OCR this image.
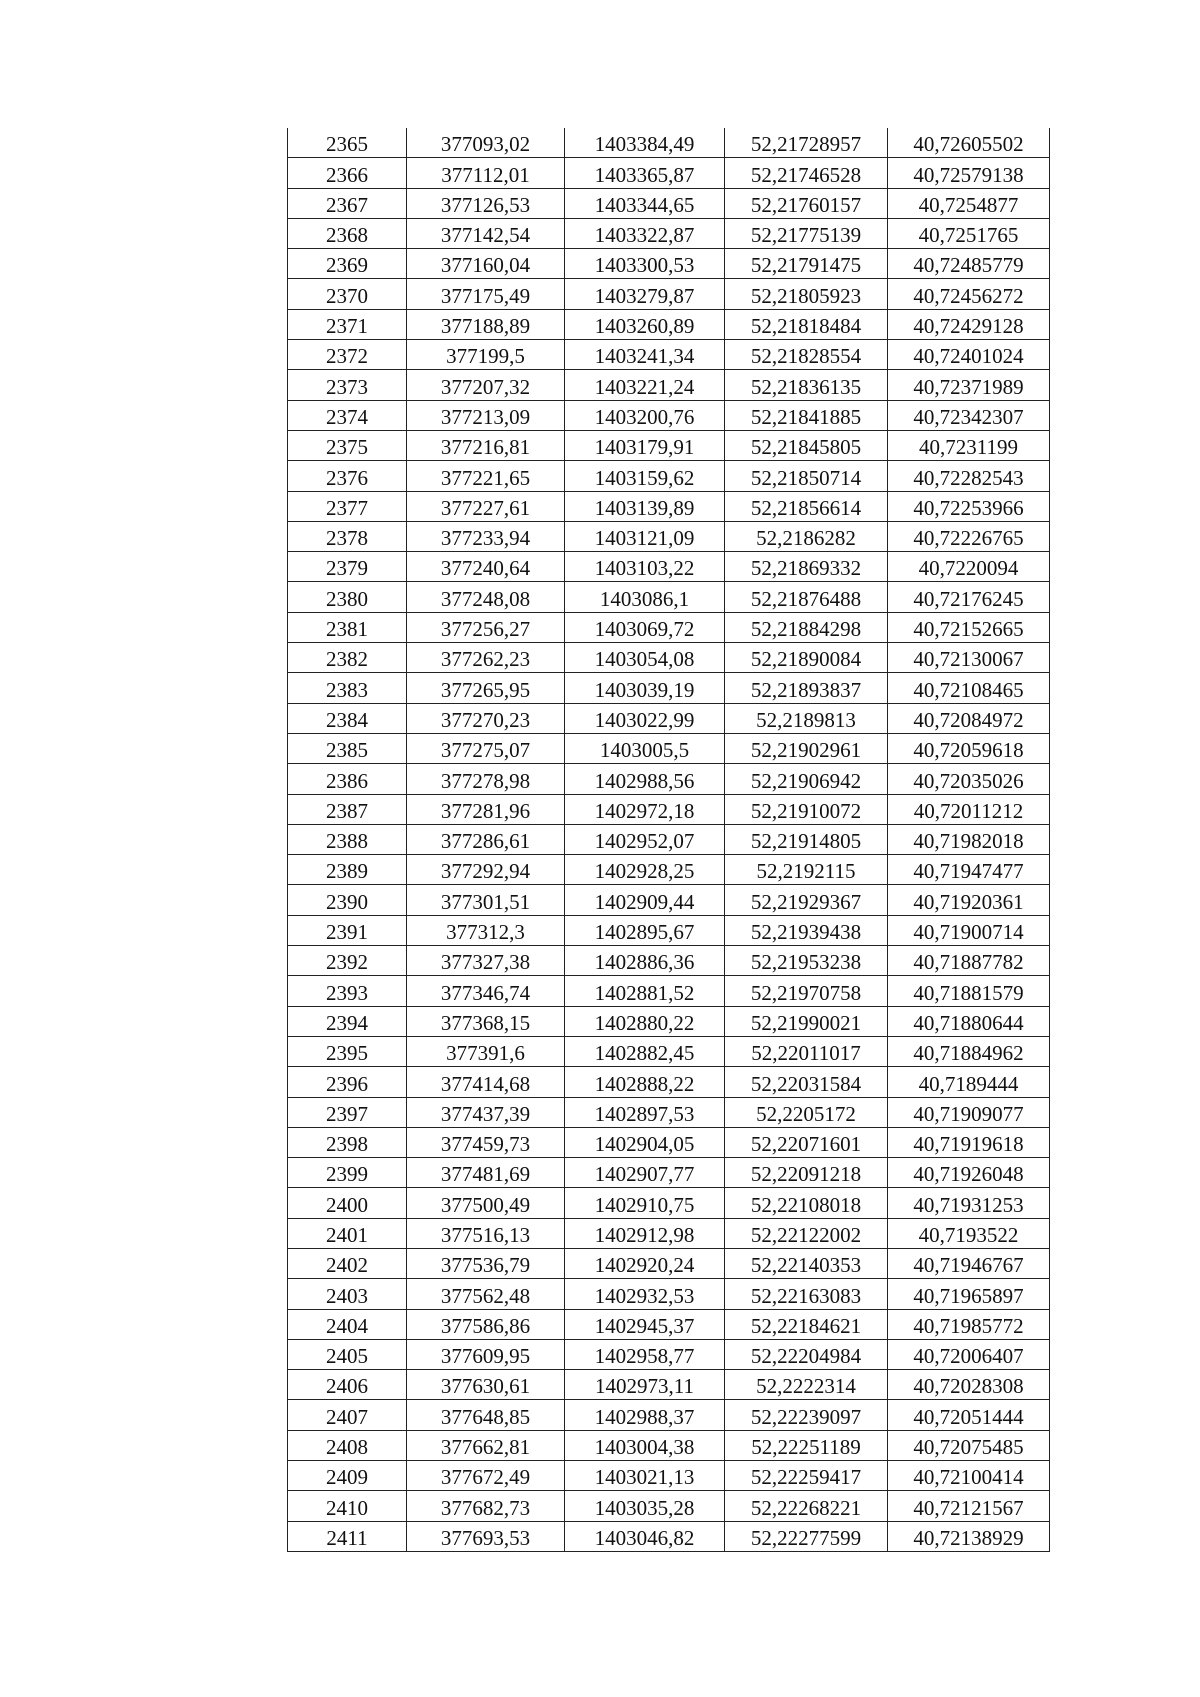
2365	377093,02	1403384,49	52,21728957	40,72605502
2366	377112,01	1403365,87	52,21746528	40,72579138
2367	377126,53	1403344,65	52,21760157	40,7254877
2368	377142,54	1403322,87	52,21775139	40,7251765
2369	377160,04	1403300,53	52,21791475	40,72485779
2370	377175,49	1403279,87	52,21805923	40,72456272
2371	377188,89	1403260,89	52,21818484	40,72429128
2372	377199,5	1403241,34	52,21828554	40,72401024
2373	377207,32	1403221,24	52,21836135	40,72371989
2374	377213,09	1403200,76	52,21841885	40,72342307
2375	377216,81	1403179,91	52,21845805	40,7231199
2376	377221,65	1403159,62	52,21850714	40,72282543
2377	377227,61	1403139,89	52,21856614	40,72253966
2378	377233,94	1403121,09	52,2186282	40,72226765
2379	377240,64	1403103,22	52,21869332	40,7220094
2380	377248,08	1403086,1	52,21876488	40,72176245
2381	377256,27	1403069,72	52,21884298	40,72152665
2382	377262,23	1403054,08	52,21890084	40,72130067
2383	377265,95	1403039,19	52,21893837	40,72108465
2384	377270,23	1403022,99	52,2189813	40,72084972
2385	377275,07	1403005,5	52,21902961	40,72059618
2386	377278,98	1402988,56	52,21906942	40,72035026
2387	377281,96	1402972,18	52,21910072	40,72011212
2388	377286,61	1402952,07	52,21914805	40,71982018
2389	377292,94	1402928,25	52,2192115	40,71947477
2390	377301,51	1402909,44	52,21929367	40,71920361
2391	377312,3	1402895,67	52,21939438	40,71900714
2392	377327,38	1402886,36	52,21953238	40,71887782
2393	377346,74	1402881,52	52,21970758	40,71881579
2394	377368,15	1402880,22	52,21990021	40,71880644
2395	377391,6	1402882,45	52,22011017	40,71884962
2396	377414,68	1402888,22	52,22031584	40,7189444
2397	377437,39	1402897,53	52,2205172	40,71909077
2398	377459,73	1402904,05	52,22071601	40,71919618
2399	377481,69	1402907,77	52,22091218	40,71926048
2400	377500,49	1402910,75	52,22108018	40,71931253
2401	377516,13	1402912,98	52,22122002	40,7193522
2402	377536,79	1402920,24	52,22140353	40,71946767
2403	377562,48	1402932,53	52,22163083	40,71965897
2404	377586,86	1402945,37	52,22184621	40,71985772
2405	377609,95	1402958,77	52,22204984	40,72006407
2406	377630,61	1402973,11	52,2222314	40,72028308
2407	377648,85	1402988,37	52,22239097	40,72051444
2408	377662,81	1403004,38	52,22251189	40,72075485
2409	377672,49	1403021,13	52,22259417	40,72100414
2410	377682,73	1403035,28	52,22268221	40,72121567
2411	377693,53	1403046,82	52,22277599	40,72138929
